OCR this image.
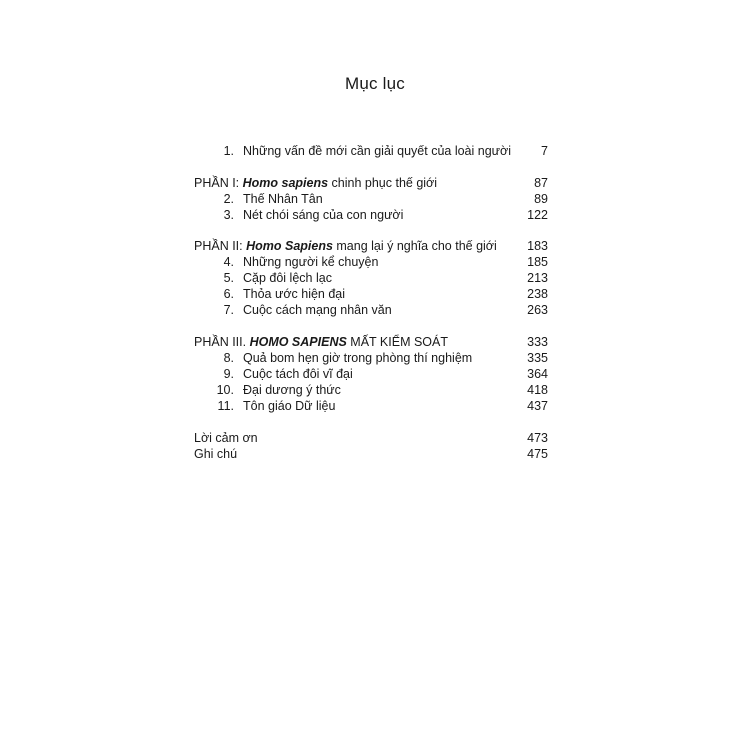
Mục lục
1. Những vấn đề mới cần giải quyết của loài người 7
PHẦN I: Homo sapiens chinh phục thế giới	87
2. Thế Nhân Tân	89
3. Nét chói sáng của con người	122
PHẦN II: Homo Sapiens mang lại ý nghĩa cho thế giới 183
4. Những người kể chuyện	185
5. Cặp đôi lệch lạc	213
6. Thỏa ước hiện đại	238
7. Cuộc cách mạng nhân văn	263
PHẦN III. HOMO SAPIENS MẤT KIỂM SOÁT	333
8. Quả bom hẹn giờ trong phòng thí nghiệm	335
9. Cuộc tách đôi vĩ đại	364
10. Đại dương ý thức	418
11. Tôn giáo Dữ liệu	437
Lời cảm ơn	473
Ghi chú	475
